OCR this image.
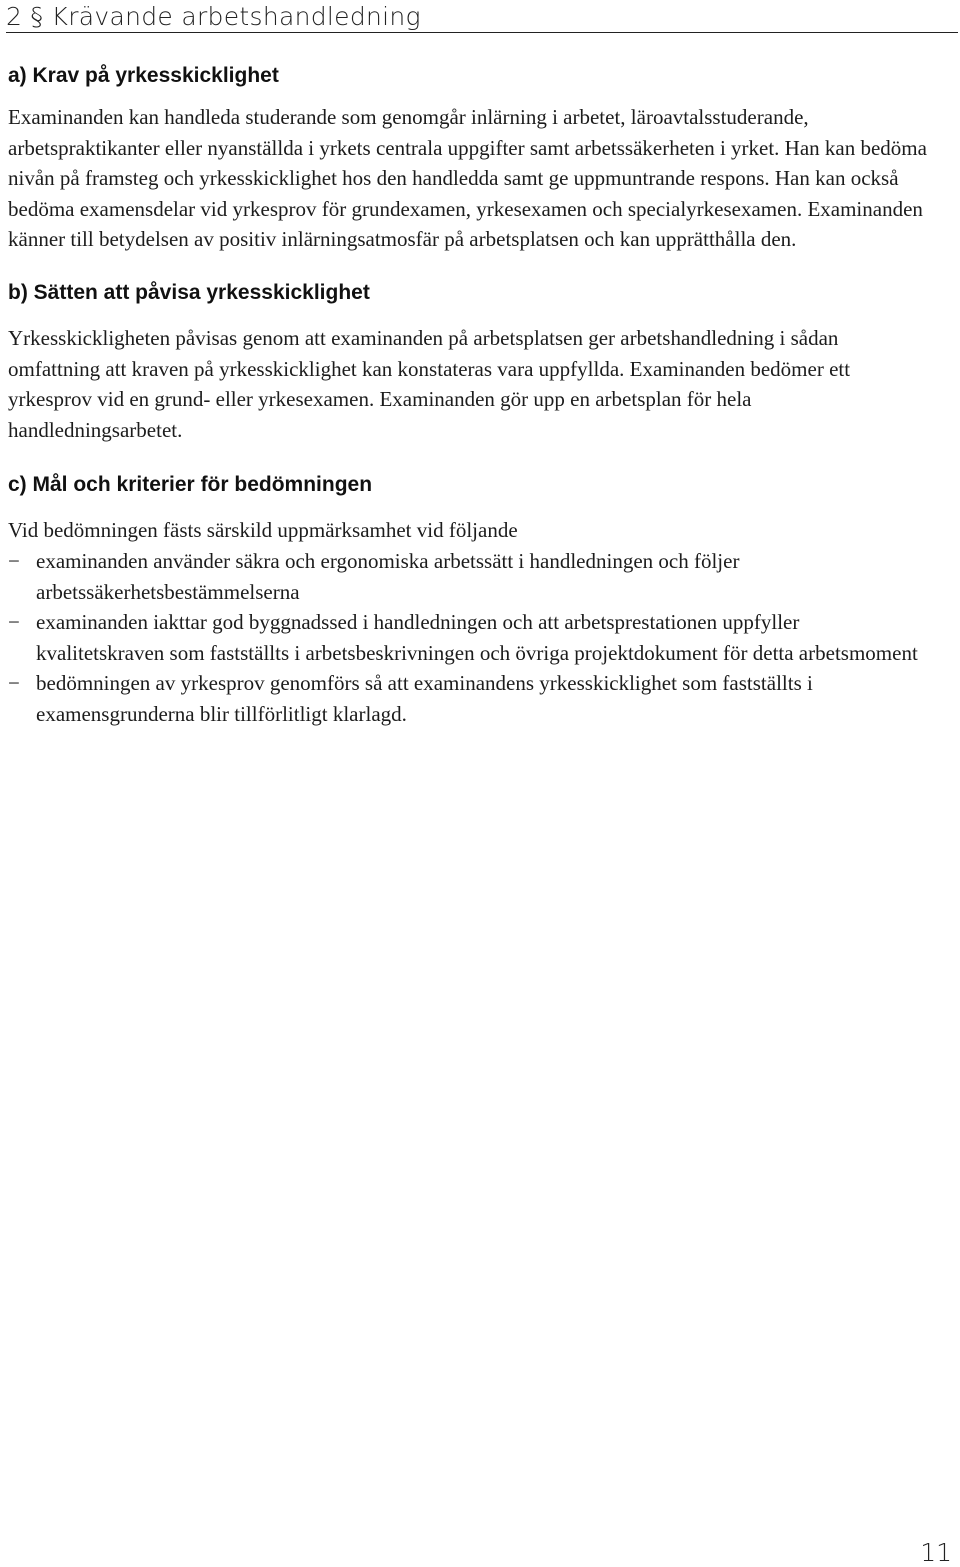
2 § Krävande arbetshandledning
a) Krav på yrkesskicklighet

Examinanden kan handleda studerande som genomgår inlärning i arbetet, läroavtalsstuderande, arbetspraktikanter eller nyanställda i yrkets centrala uppgifter samt arbetssäkerheten i yrket. Han kan bedöma nivån på framsteg och yrkesskicklighet hos den handledda samt ge uppmuntrande respons. Han kan också bedöma examensdelar vid yrkesprov för grundexamen, yrkesexamen och specialyrkesexamen. Examinanden känner till betydelsen av positiv inlärningsatmosfär på arbetsplatsen och kan upprätthålla den.

b) Sätten att påvisa yrkesskicklighet

Yrkesskickligheten påvisas genom att examinanden på arbetsplatsen ger arbetshandledning i sådan omfattning att kraven på yrkesskicklighet kan konstateras vara uppfyllda. Examinanden bedömer ett yrkesprov vid en grund- eller yrkesexamen. Examinanden gör upp en arbetsplan för hela handledningsarbetet.

c) Mål och kriterier för bedömningen

Vid bedömningen fästs särskild uppmärksamhet vid följande

− examinanden använder säkra och ergonomiska arbetssätt i handledningen och följer arbetssäkerhetsbestämmelserna
− examinanden iakttar god byggnadssed i handledningen och att arbetsprestationen uppfyller kvalitetskraven som fastställts i arbetsbeskrivningen och övriga projektdokument för detta arbetsmoment
− bedömningen av yrkesprov genomförs så att examinandens yrkesskicklighet som fastställts i examensgrunderna blir tillförlitligt klarlagd.
11
